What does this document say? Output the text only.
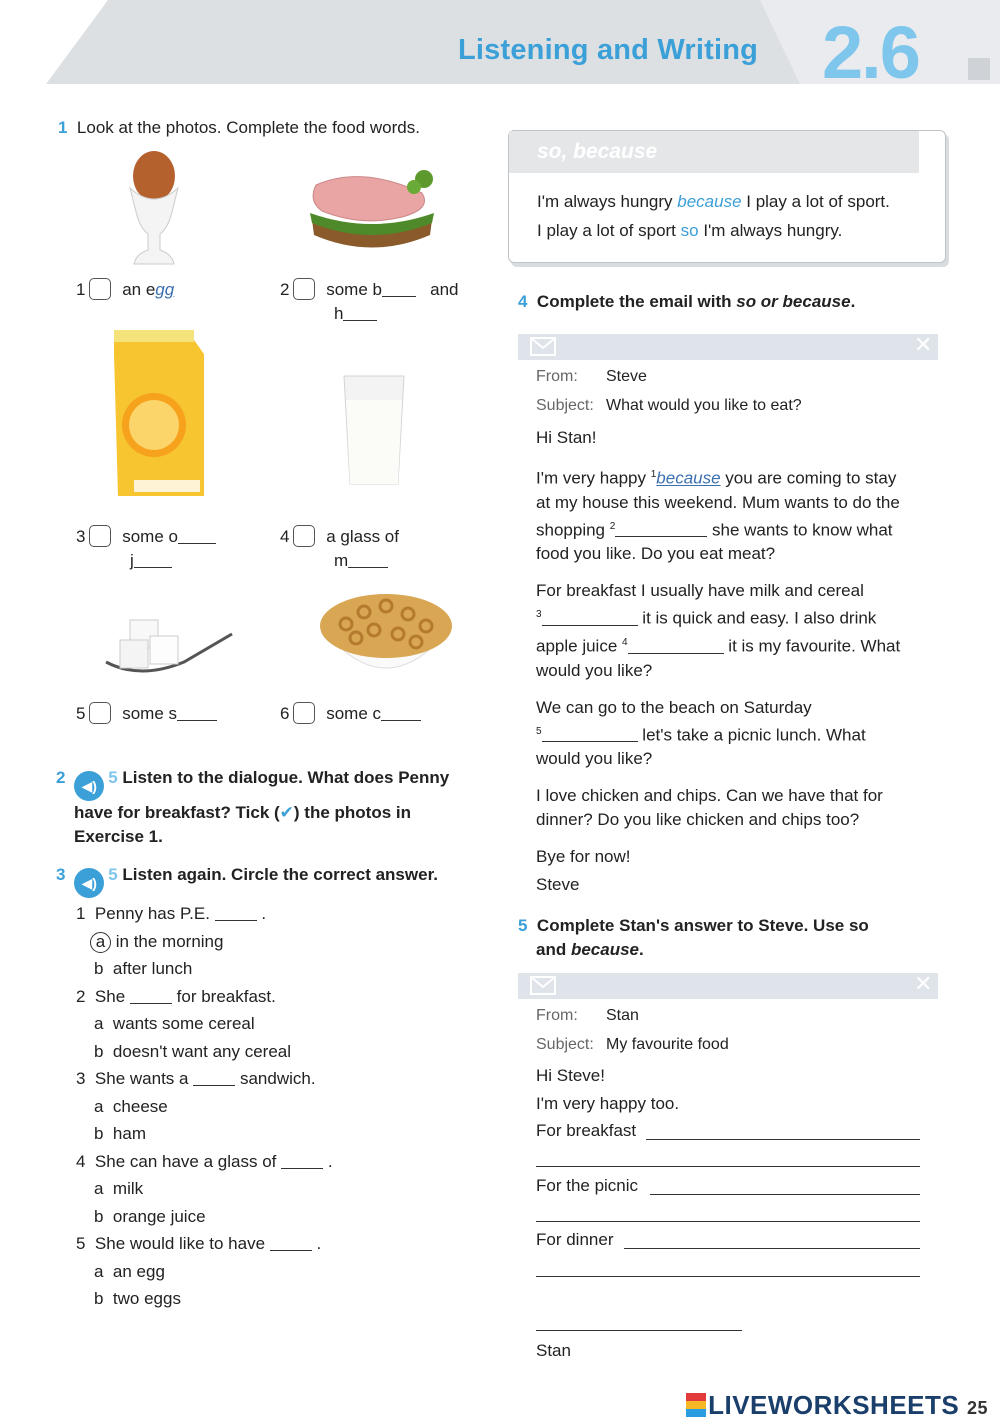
Listening and Writing 2.6
1 Look at the photos. Complete the food words.
1 an egg	2 some b	and
h
3 some o
j
4 a glass of
m
5 some s	6 some c
2 ◀) 5 Listen to the dialogue. What does Penny
have for breakfast? Tick (✔) the photos in
Exercise 1.
3 ◀) 5 Listen again. Circle the correct answer.
1 Penny has P.E.	.
a in the morning
b after lunch
2 She	for breakfast.
a wants some cereal
b doesn't want any cereal
3 She wants a	sandwich.
a cheese
b ham
4 She can have a glass of	.
a milk
b orange juice
5 She would like to have	.
a an egg
b two eggs
so, because
I'm always hungry because I play a lot of sport.
I play a lot of sport so I'm always hungry.
4 Complete the email with so or because.
✕
From: Steve
Subject: What would you like to eat?
Hi Stan!
I'm very happy $^1$because you are coming to stay
at my house this weekend. Mum wants to do the
shopping $^2$	she wants to know what
food you like. Do you eat meat?
For breakfast I usually have milk and cereal
$^3$	it is quick and easy. I also drink
apple juice $^4$	it is my favourite. What
would you like?
We can go to the beach on Saturday
$^5$	let's take a picnic lunch. What
would you like?
I love chicken and chips. Can we have that for
dinner? Do you like chicken and chips too?
Bye for now!
Steve
5 Complete Stan's answer to Steve. Use so
and because.
✕
From: Stan
Subject: My favourite food
Hi Steve!
I'm very happy too.
For breakfast
For the picnic
For dinner
Stan
LIVEWORKSHEETS 25
